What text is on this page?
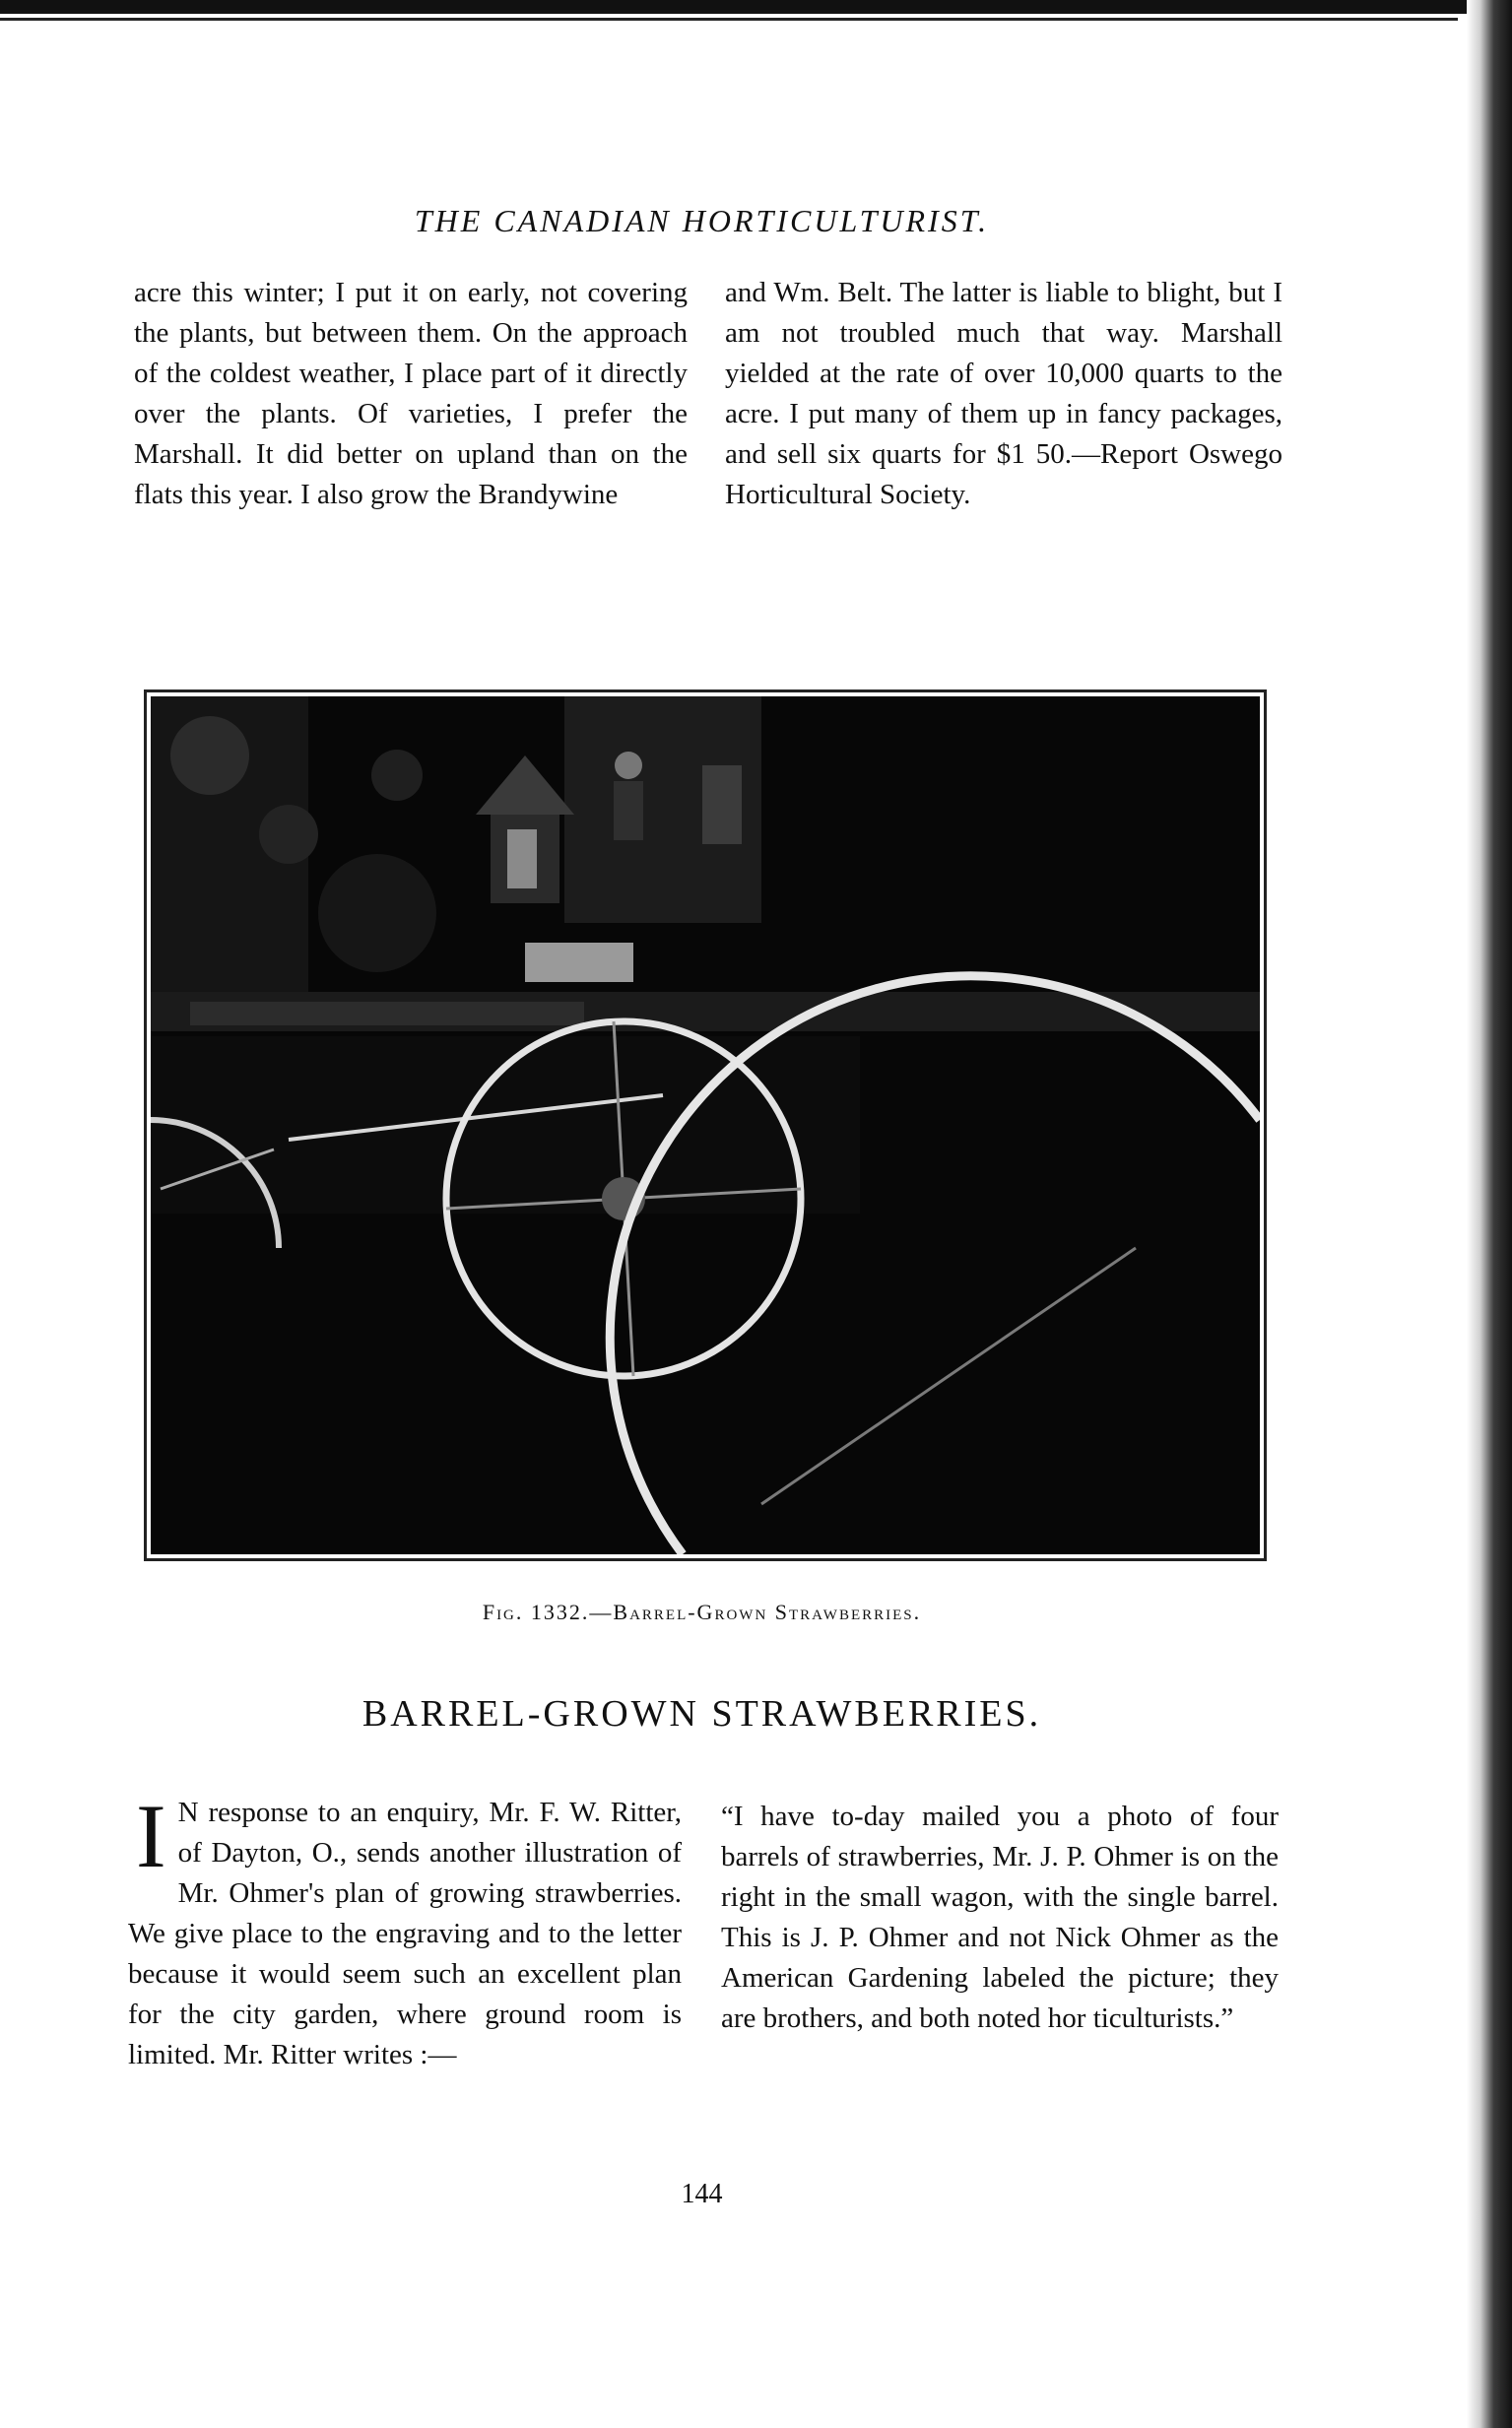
THE CANADIAN HORTICULTURIST.

acre this winter; I put it on early, not covering the plants, but between them. On the approach of the coldest weather, I place part of it directly over the plants. Of varieties, I prefer the Marshall. It did better on upland than on the flats this year. I also grow the Brandywine

and Wm. Belt. The latter is liable to blight, but I am not troubled much that way. Marshall yielded at the rate of over 10,000 quarts to the acre. I put many of them up in fancy packages, and sell six quarts for $1 50.—Report Oswego Horticultural Society.

Fig. 1332.—Barrel-Grown Strawberries.
BARREL-GROWN STRAWBERRIES.
I N response to an enquiry, Mr. F. W. Ritter, of Dayton, O., sends another illustration of Mr. Ohmer's plan of growing strawberries. We give place to the engraving and to the letter because it would seem such an excellent plan for the city garden, where ground room is limited. Mr. Ritter writes :—

“I have to-day mailed you a photo of four barrels of strawberries, Mr. J. P. Ohmer is on the right in the small wagon, with the single barrel. This is J. P. Ohmer and not Nick Ohmer as the American Gardening labeled the picture; they are brothers, and both noted hor ticulturists.”

144
